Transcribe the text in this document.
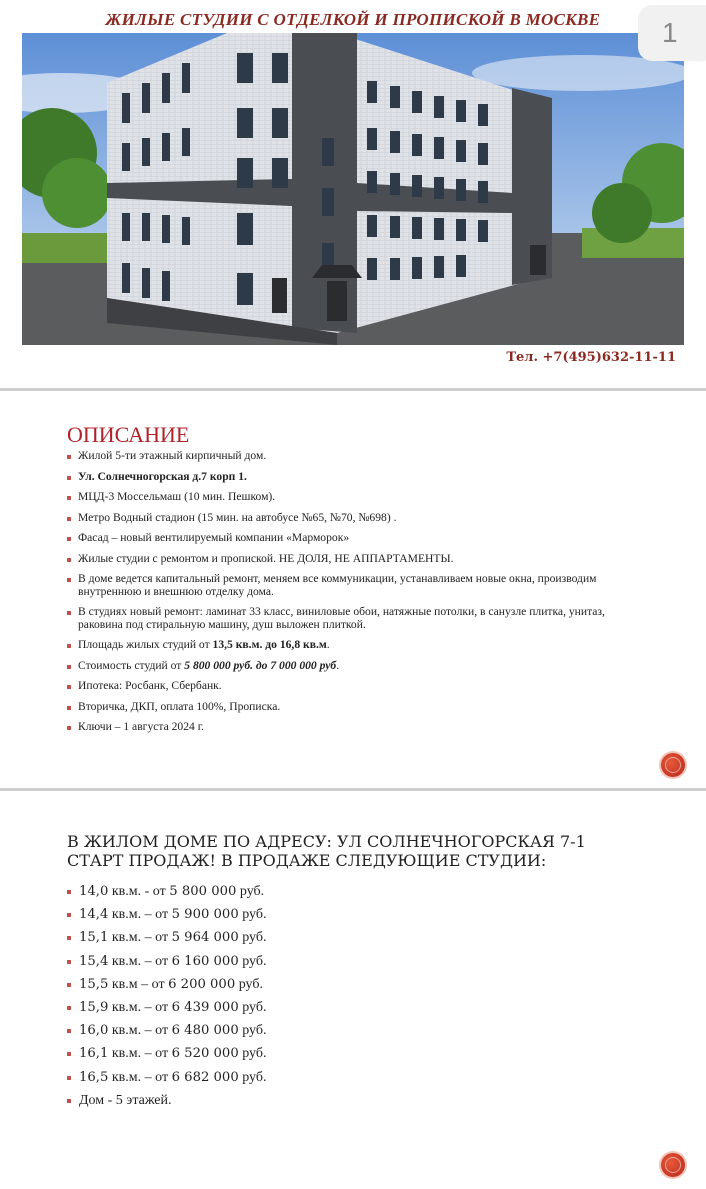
ЖИЛЫЕ СТУДИИ С ОТДЕЛКОЙ И ПРОПИСКОЙ В МОСКВЕ	1
Тел. +7(495)632-11-11
ОПИСАНИЕ
Жилой 5-ти этажный кирпичный дом.
Ул. Солнечногорская д.7 корп 1.
МЦД-3 Моссельмаш (10 мин. Пешком).
Метро Водный стадион (15 мин. на автобусе №65, №70, №698) .
Фасад – новый вентилируемый компании «Марморок»
Жилые студии с ремонтом и пропиской. НЕ ДОЛЯ, НЕ АППАРТАМЕНТЫ.
В доме ведется капитальный ремонт, меняем все коммуникации, устанавливаем новые окна, производим внутреннюю и внешнюю отделку дома.
В студиях новый ремонт: ламинат 33 класс, виниловые обои, натяжные потолки, в санузле плитка, унитаз, раковина под стиральную машину, душ выложен плиткой.
Площадь жилых студий от 13,5 кв.м. до 16,8 кв.м.
Стоимость студий от 5 800 000 руб. до 7 000 000 руб.
Ипотека: Росбанк, Сбербанк.
Вторичка, ДКП, оплата 100%, Прописка.
Ключи – 1 августа 2024 г.
В ЖИЛОМ ДОМЕ ПО АДРЕСУ: УЛ СОЛНЕЧНОГОРСКАЯ 7-1
СТАРТ ПРОДАЖ! В ПРОДАЖЕ СЛЕДУЮЩИЕ СТУДИИ:
14,0 кв.м. - от 5 800 000 руб.
14,4 кв.м. – от 5 900 000 руб.
15,1 кв.м. – от 5 964 000 руб.
15,4 кв.м. – от 6 160 000 руб.
15,5 кв.м – от 6 200 000 руб.
15,9 кв.м. – от 6 439 000 руб.
16,0 кв.м. – от 6 480 000 руб.
16,1 кв.м. – от 6 520 000 руб.
16,5 кв.м. – от 6 682 000 руб.
Дом - 5 этажей.
